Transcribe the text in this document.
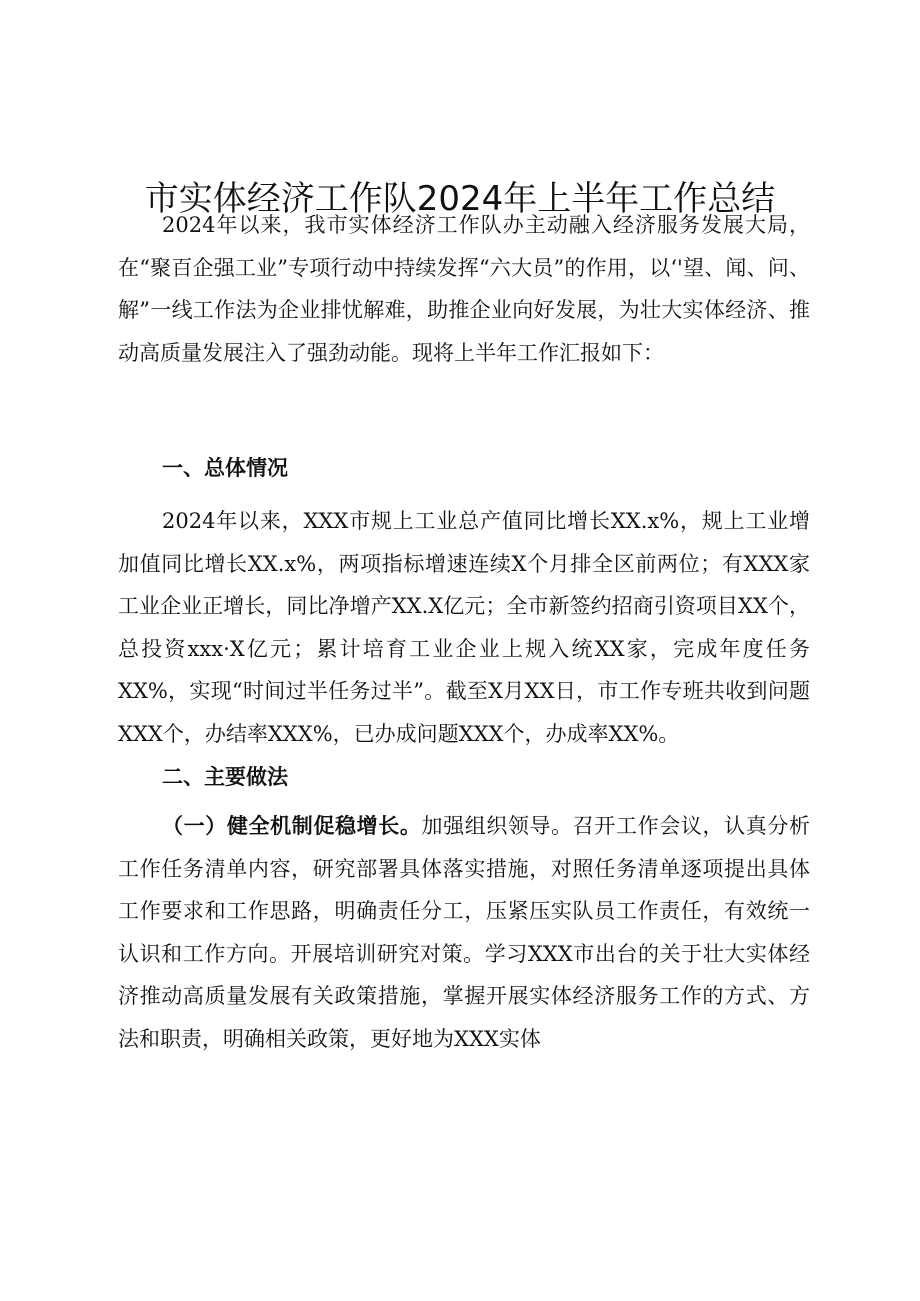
市实体经济工作队2024年上半年工作总结

2024年以来，我市实体经济工作队办主动融入经济服务发展大局，在“聚百企强工业”专项行动中持续发挥“六大员”的作用，以‘'望、闻、问、解”一线工作法为企业排忧解难，助推企业向好发展，为壮大实体经济、推动高质量发展注入了强劲动能。现将上半年工作汇报如下：

一、总体情况

2024年以来，XXX市规上工业总产值同比增长XX.x%，规上工业增加值同比增长XX.x%，两项指标增速连续X个月排全区前两位；有XXX家工业企业正增长，同比净增产XX.X亿元；全市新签约招商引资项目XX个，总投资xxx·X亿元；累计培育工业企业上规入统XX家，完成年度任务XX%，实现“时间过半任务过半”。截至X月XX日，市工作专班共收到问题XXX个，办结率XXX%，已办成问题XXX个，办成率XX%。

二、主要做法

（一）健全机制促稳增长。加强组织领导。召开工作会议，认真分析工作任务清单内容，研究部署具体落实措施，对照任务清单逐项提出具体工作要求和工作思路，明确责任分工，压紧压实队员工作责任，有效统一认识和工作方向。开展培训研究对策。学习XXX市出台的关于壮大实体经济推动高质量发展有关政策措施，掌握开展实体经济服务工作的方式、方法和职责，明确相关政策，更好地为XXX实体
